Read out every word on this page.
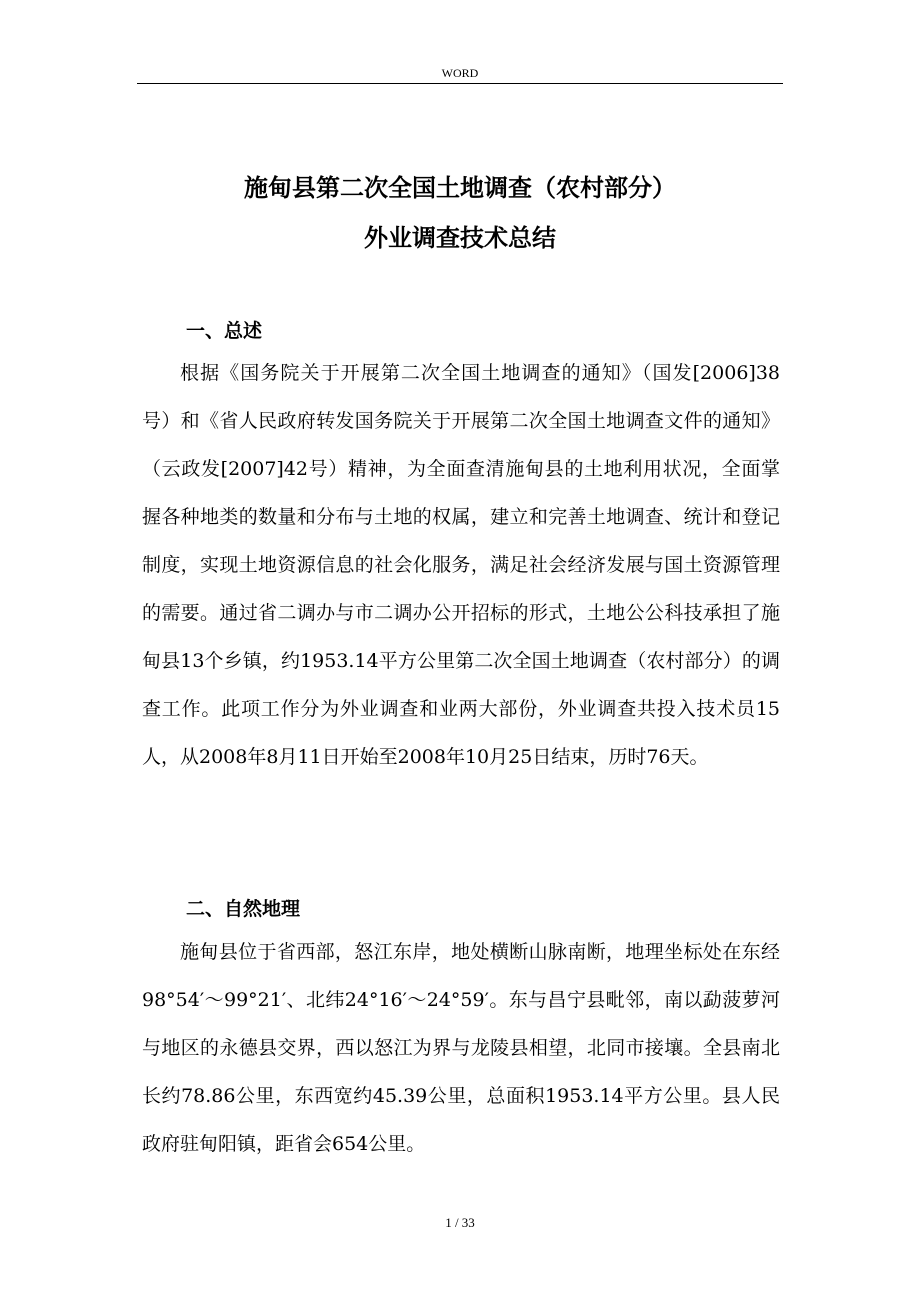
WORD
施甸县第二次全国土地调查（农村部分）
外业调查技术总结
一、总述
根据《国务院关于开展第二次全国土地调查的通知》（国发[2006]38号）和《省人民政府转发国务院关于开展第二次全国土地调查文件的通知》（云政发[2007]42号）精神，为全面查清施甸县的土地利用状况，全面掌握各种地类的数量和分布与土地的权属，建立和完善土地调查、统计和登记制度，实现土地资源信息的社会化服务，满足社会经济发展与国土资源管理的需要。通过省二调办与市二调办公开招标的形式，土地公公科技承担了施甸县13个乡镇，约1953.14平方公里第二次全国土地调查（农村部分）的调查工作。此项工作分为外业调查和业两大部份，外业调查共投入技术员15人，从2008年8月11日开始至2008年10月25日结束，历时76天。
二、自然地理
施甸县位于省西部，怒江东岸，地处横断山脉南断，地理坐标处在东经98°54′～99°21′、北纬24°16′～24°59′。东与昌宁县毗邻，南以勐菠萝河与地区的永德县交界，西以怒江为界与龙陵县相望，北同市接壤。全县南北长约78.86公里，东西宽约45.39公里，总面积1953.14平方公里。县人民政府驻甸阳镇，距省会654公里。
1 / 33
